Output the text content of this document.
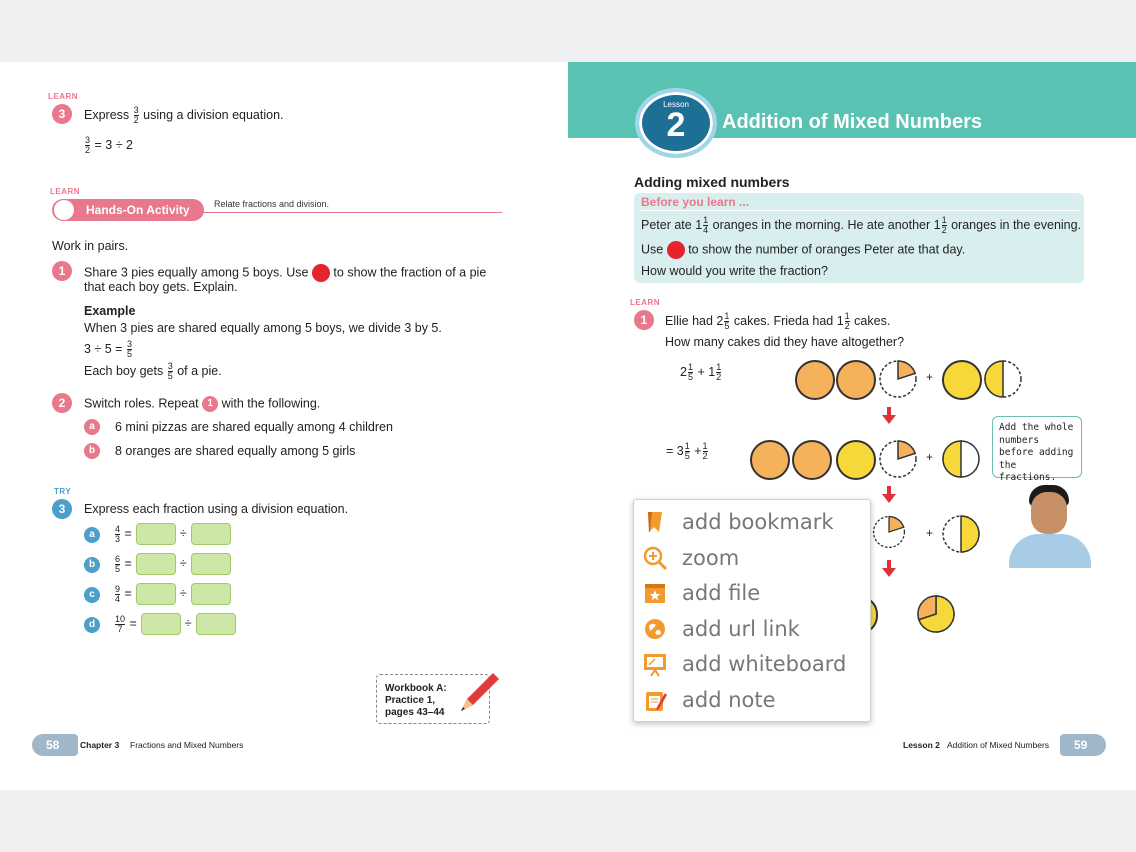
LEARN
3	Express $\frac{3}{2}$ using a division equation.
$\frac{3}{2} = 3 \div 2$
LEARN
Hands-On Activity	Relate fractions and division.
Work in pairs.
1	Share 3 pies equally among 5 boys. Use to show the fraction of a pie
that each boy gets. Explain.
Example
When 3 pies are shared equally among 5 boys, we divide 3 by 5.
$3 \div 5 = \frac{3}{5}$
Each boy gets $\frac{3}{5}$ of a pie.
2	Switch roles. Repeat 1 with the following.
a	6 mini pizzas are shared equally among 4 children
b	8 oranges are shared equally among 5 girls
TRY
3	Express each fraction using a division equation.
a	$\frac{4}{3}$ =	÷
b	$\frac{6}{5}$ =	÷
c	$\frac{9}{4}$ =	÷
d	$\frac{10}{7}$ =	÷
Workbook A:
Practice 1,
pages 43–44
58 Chapter 3 Fractions and Mixed Numbers
Lesson
2	Addition of Mixed Numbers
Adding mixed numbers
Before you learn ...
Peter ate $1 \frac{1}{4}$ oranges in the morning. He ate another $1 \frac{1}{2}$ oranges in the evening.
Use to show the number of oranges Peter ate that day.
How would you write the fraction?
LEARN
1	Ellie had $2 \frac{1}{5}$ cakes. Frieda had $1 \frac{1}{2}$ cakes.
How many cakes did they have altogether?
$2 \frac{1}{5} + 1 \frac{1}{2}$
= $3 \frac{1}{5} + \frac{1}{2}$
+
+
+
Add the whole numbers before adding the fractions.
Lesson 2 Addition of Mixed Numbers 59
add bookmark
zoom
add file
add url link
add whiteboard
add note
